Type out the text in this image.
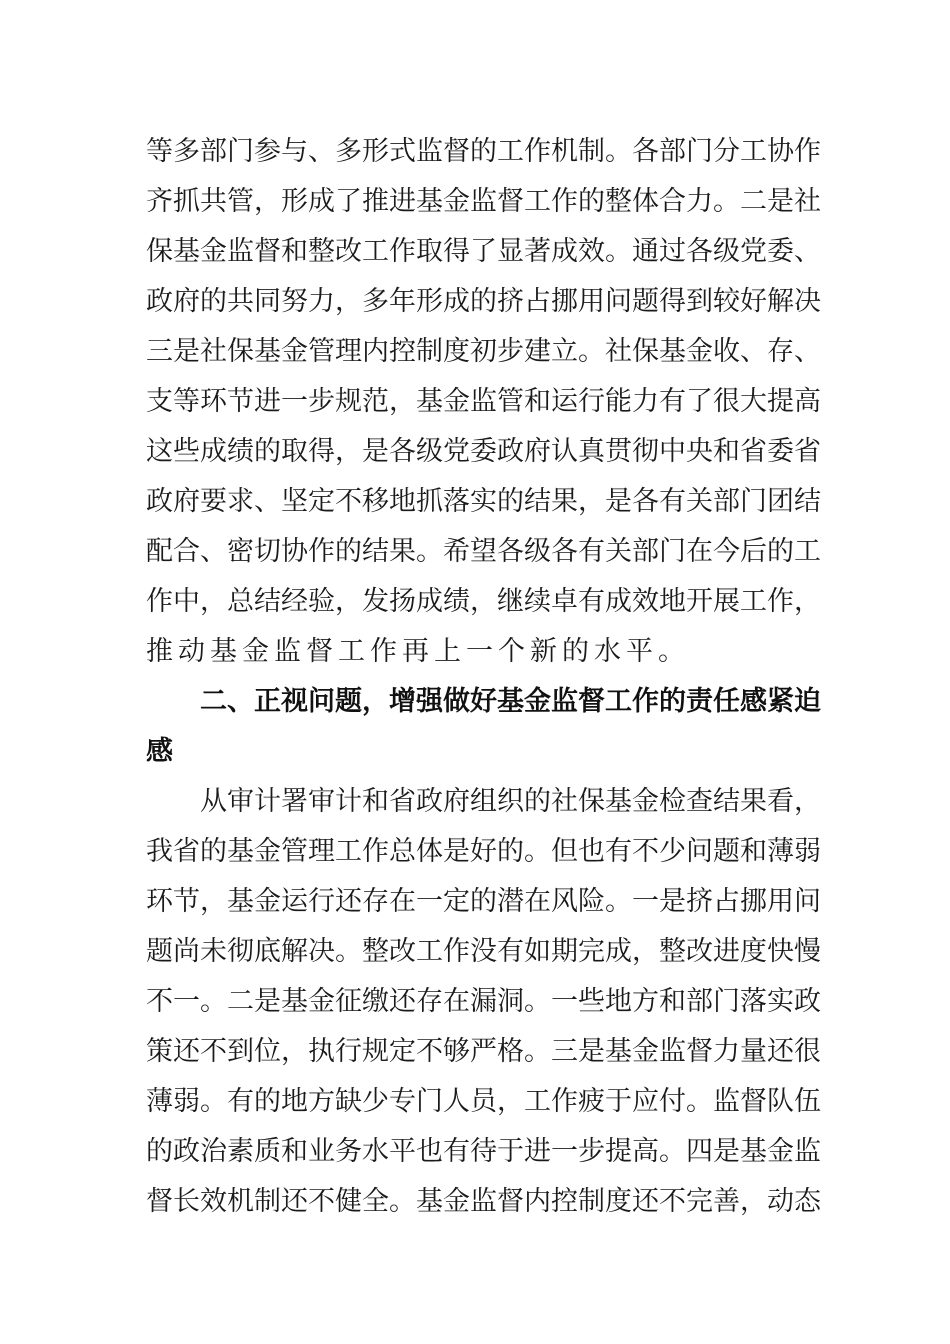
等多部门参与、多形式监督的工作机制。各部门分工协作
齐抓共管，形成了推进基金监督工作的整体合力。二是社
保基金监督和整改工作取得了显著成效。通过各级党委、
政府的共同努力，多年形成的挤占挪用问题得到较好解决
三是社保基金管理内控制度初步建立。社保基金收、存、
支等环节进一步规范，基金监管和运行能力有了很大提高
这些成绩的取得，是各级党委政府认真贯彻中央和省委省
政府要求、坚定不移地抓落实的结果，是各有关部门团结
配合、密切协作的结果。希望各级各有关部门在今后的工
作中，总结经验，发扬成绩，继续卓有成效地开展工作，
推动基金监督工作再上一个新的水平。
二、正视问题，增强做好基金监督工作的责任感紧迫
感
从审计署审计和省政府组织的社保基金检查结果看，
我省的基金管理工作总体是好的。但也有不少问题和薄弱
环节，基金运行还存在一定的潜在风险。一是挤占挪用问
题尚未彻底解决。整改工作没有如期完成，整改进度快慢
不一。二是基金征缴还存在漏洞。一些地方和部门落实政
策还不到位，执行规定不够严格。三是基金监督力量还很
薄弱。有的地方缺少专门人员，工作疲于应付。监督队伍
的政治素质和业务水平也有待于进一步提高。四是基金监
督长效机制还不健全。基金监督内控制度还不完善，动态
